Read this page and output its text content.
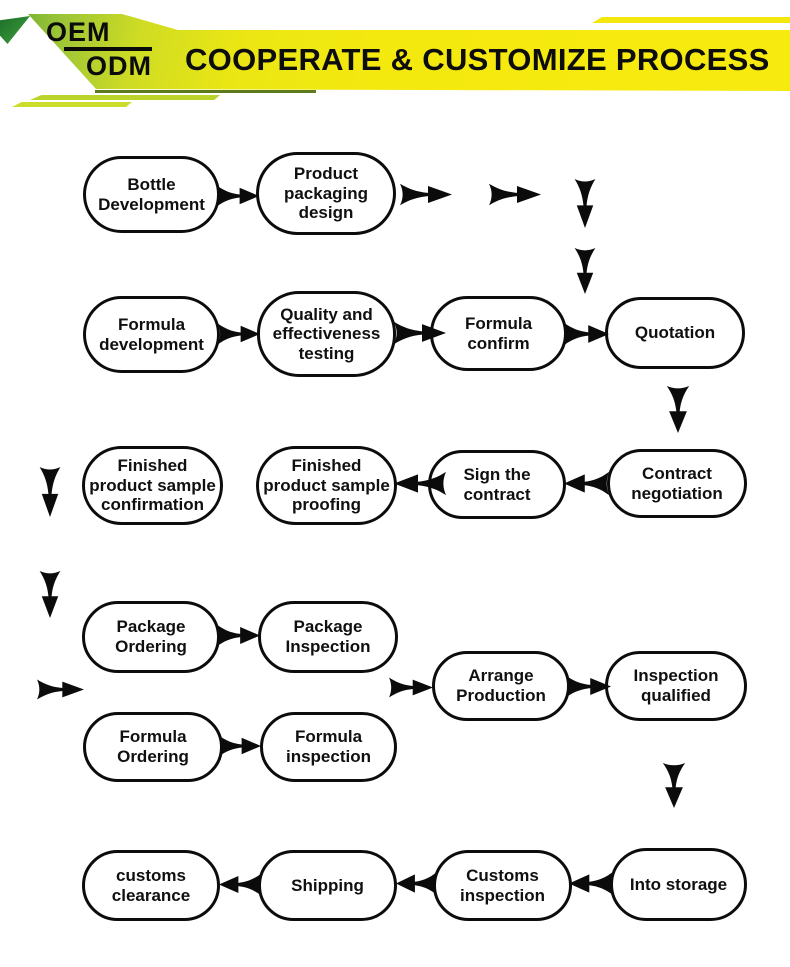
OEM
ODM COOPERATE & CUSTOMIZE PROCESS
Bottle Development
Product packaging design
Formula development
Quality and effectiveness testing
Formula confirm
Quotation
Finished product sample confirmation
Finished product sample proofing
Sign the contract
Contract negotiation
Package Ordering
Package Inspection
Arrange Production
Inspection qualified
Formula Ordering
Formula inspection
customs clearance
Shipping
Customs inspection
Into storage
